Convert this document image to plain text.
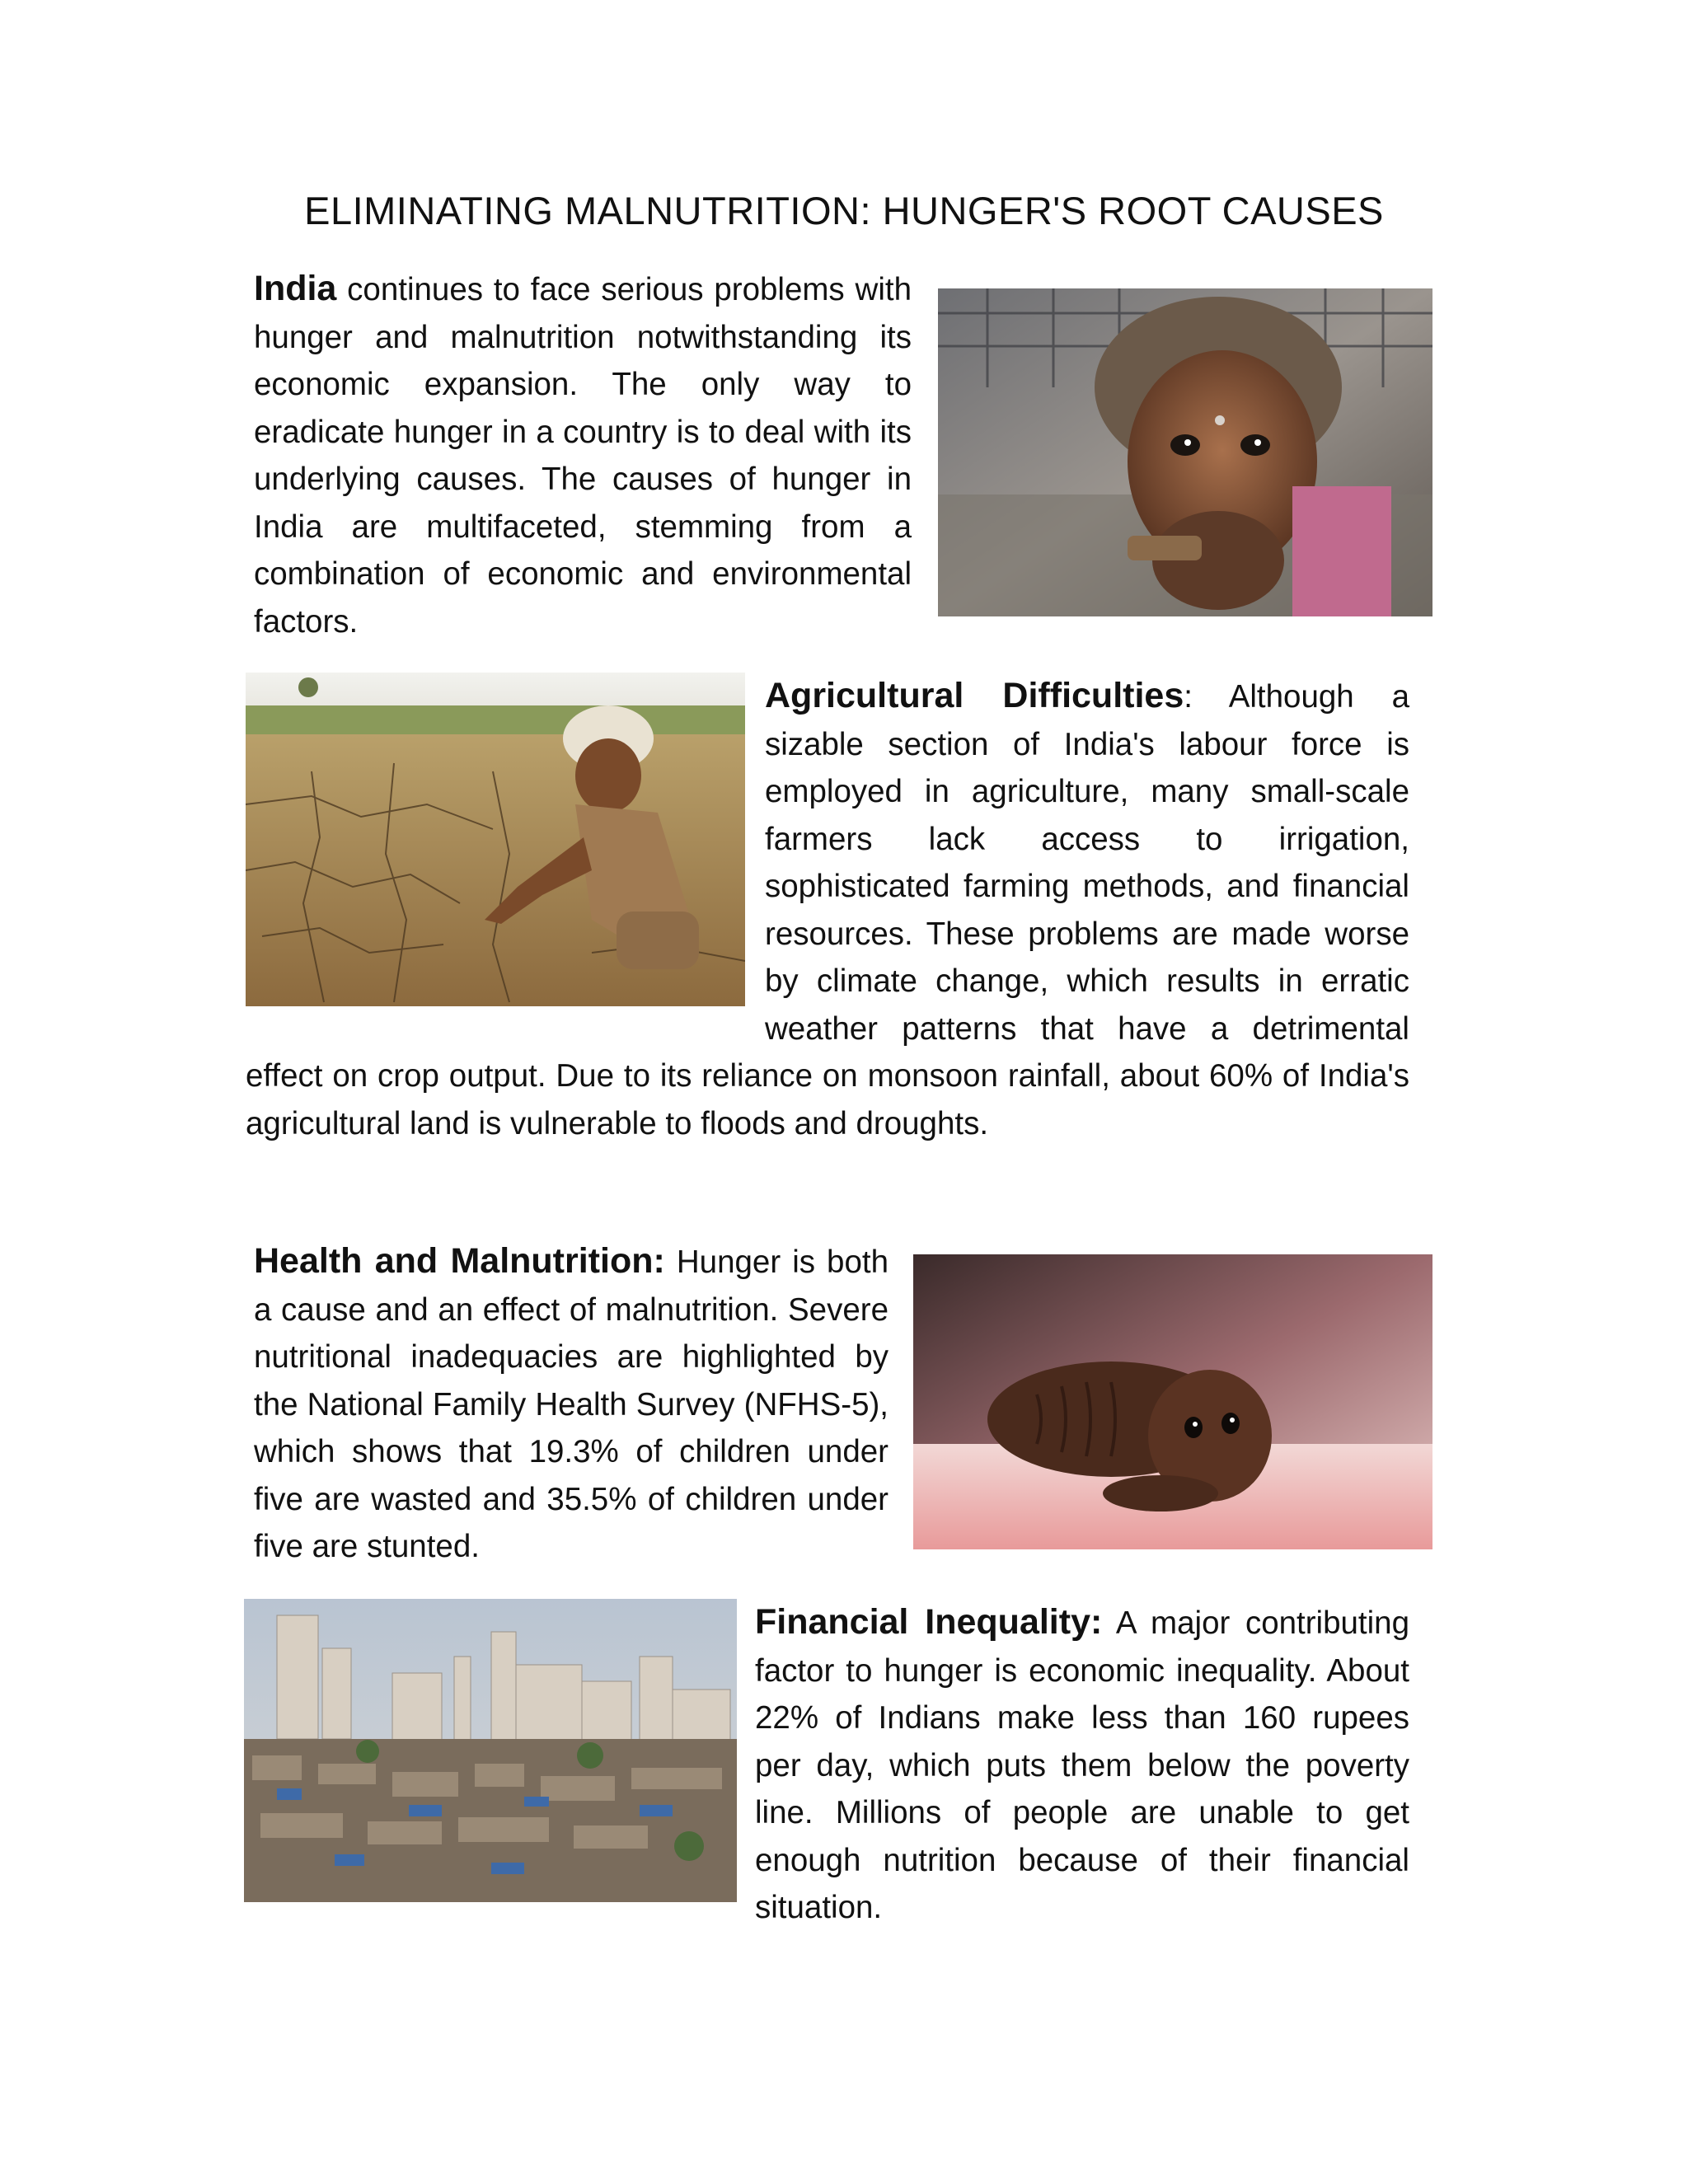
ELIMINATING MALNUTRITION: HUNGER'S ROOT CAUSES

India continues to face serious problems with hunger and malnutrition notwithstanding its economic expansion. The only way to eradicate hunger in a country is to deal with its underlying causes. The causes of hunger in India are multifaceted, stemming from a combination of economic and environmental factors.

Agricultural Difficulties: Although a sizable section of India's labour force is employed in agriculture, many small-scale farmers lack access to irrigation, sophisticated farming methods, and financial resources. These problems are made worse by climate change, which results in erratic weather patterns that have a detrimental effect on crop output. Due to its reliance on monsoon rainfall, about 60% of India's agricultural land is vulnerable to floods and droughts.

Health and Malnutrition: Hunger is both a cause and an effect of malnutrition. Severe nutritional inadequacies are highlighted by the National Family Health Survey (NFHS-5), which shows that 19.3% of children under five are wasted and 35.5% of children under five are stunted.

Financial Inequality: A major contributing factor to hunger is economic inequality. About 22% of Indians make less than 160 rupees per day, which puts them below the poverty line. Millions of people are unable to get enough nutrition because of their financial situation.
